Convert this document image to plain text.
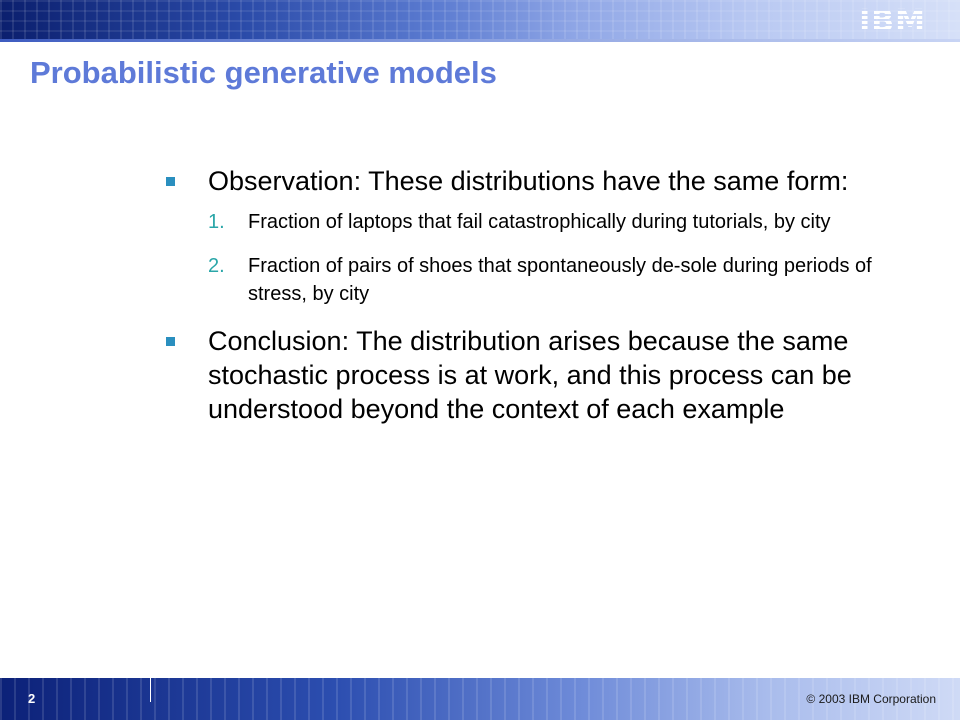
IBM
Probabilistic generative models
Observation: These distributions have the same form:
1. Fraction of laptops that fail catastrophically during tutorials, by city
2. Fraction of pairs of shoes that spontaneously de-sole during periods of stress, by city
Conclusion: The distribution arises because the same stochastic process is at work, and this process can be understood beyond the context of each example
2	© 2003 IBM Corporation
